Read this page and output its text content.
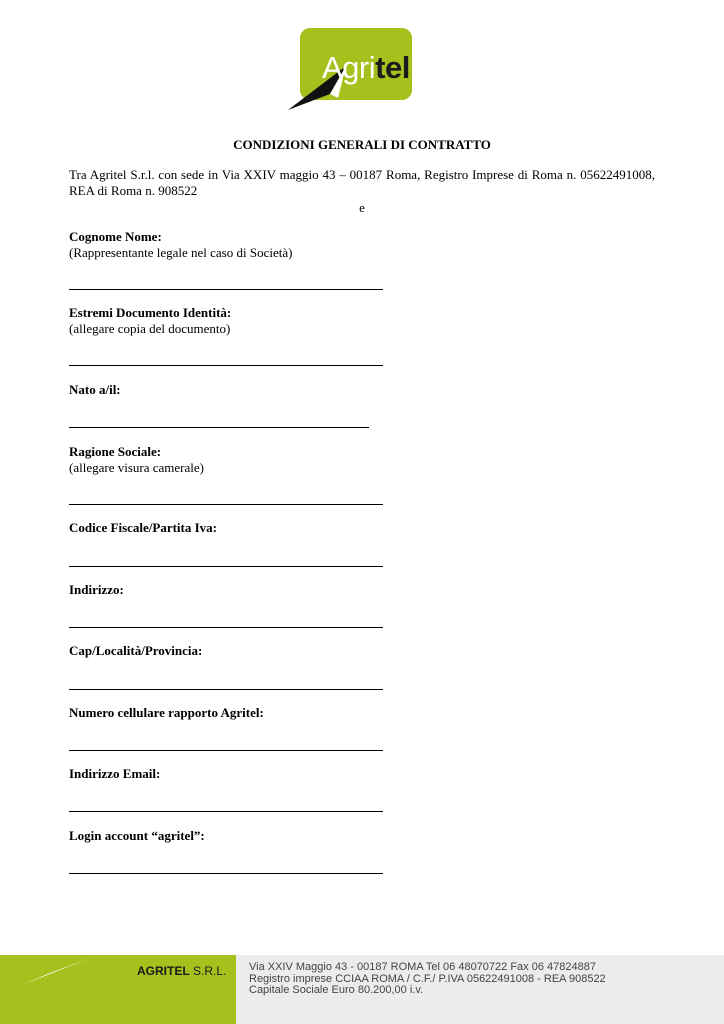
Agritel
CONDIZIONI GENERALI DI CONTRATTO

Tra Agritel S.r.l. con sede in Via XXIV maggio 43 – 00187 Roma, Registro Imprese di Roma n. 05622491008, REA di Roma n. 908522

e
Cognome Nome:
(Rappresentante legale nel caso di Società)
Estremi Documento Identità:
(allegare copia del documento)
Nato a/il:
Ragione Sociale:
(allegare visura camerale)
Codice Fiscale/Partita Iva:
Indirizzo:
Cap/Località/Provincia:
Numero cellulare rapporto Agritel:
Indirizzo Email:
Login account “agritel”:
AGRITEL S.R.L. Via XXIV Maggio 43 - 00187 ROMA Tel 06 48070722 Fax 06 47824887
Registro imprese CCIAA ROMA / C.F./ P.IVA 05622491008 - REA 908522
Capitale Sociale Euro 80.200,00 i.v.
